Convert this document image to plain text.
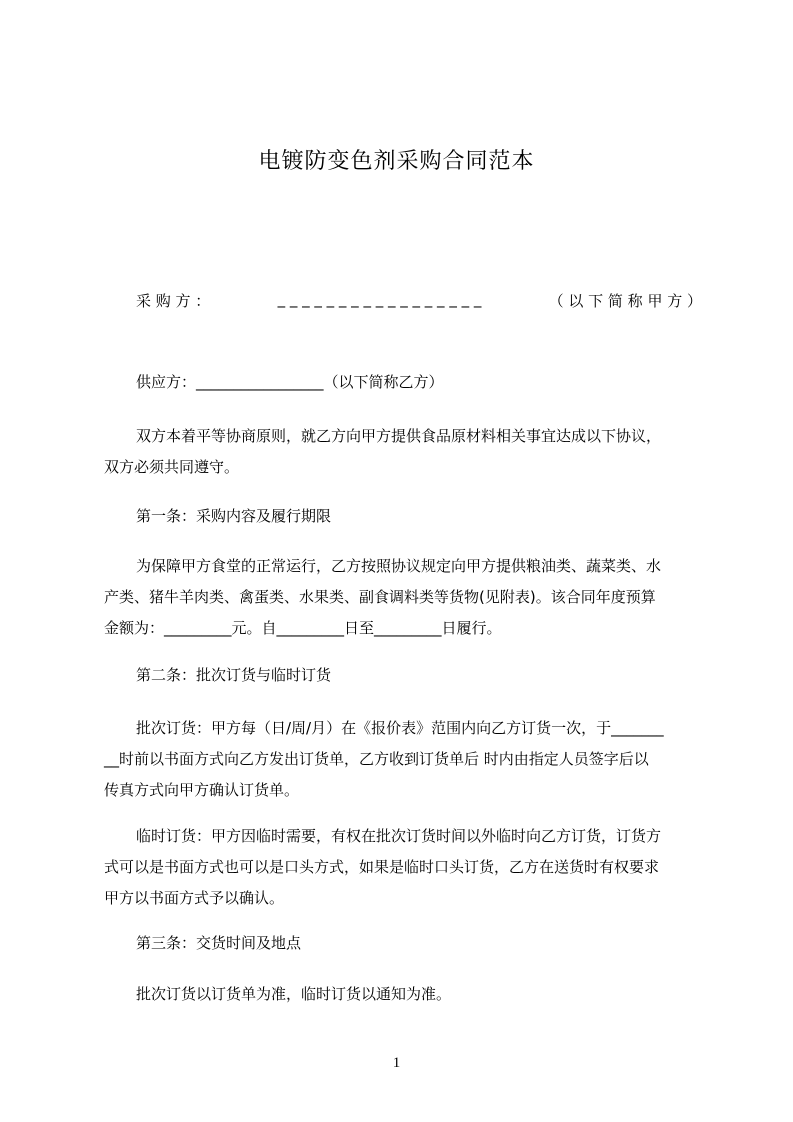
电镀防变色剂采购合同范本
采 购 方 ：	_ _ _ _ _ _ _ _ _ _ _ _ _ _ _ _ _	（ 以 下 简 称 甲 方 ）
供应方：_________________（以下简称乙方）
双方本着平等协商原则，就乙方向甲方提供食品原材料相关事宜达成以下协议，
双方必须共同遵守。
第一条：采购内容及履行期限
为保障甲方食堂的正常运行，乙方按照协议规定向甲方提供粮油类、蔬菜类、水
产类、猪牛羊肉类、禽蛋类、水果类、副食调料类等货物(见附表)。该合同年度预算
金额为：_________元。自_________日至_________日履行。
第二条：批次订货与临时订货
批次订货：甲方每（日/周/月）在《报价表》范围内向乙方订货一次，于_______
__时前以书面方式向乙方发出订货单，乙方收到订货单后 时内由指定人员签字后以
传真方式向甲方确认订货单。
临时订货：甲方因临时需要，有权在批次订货时间以外临时向乙方订货，订货方
式可以是书面方式也可以是口头方式，如果是临时口头订货，乙方在送货时有权要求
甲方以书面方式予以确认。
第三条：交货时间及地点
批次订货以订货单为准，临时订货以通知为准。
1
